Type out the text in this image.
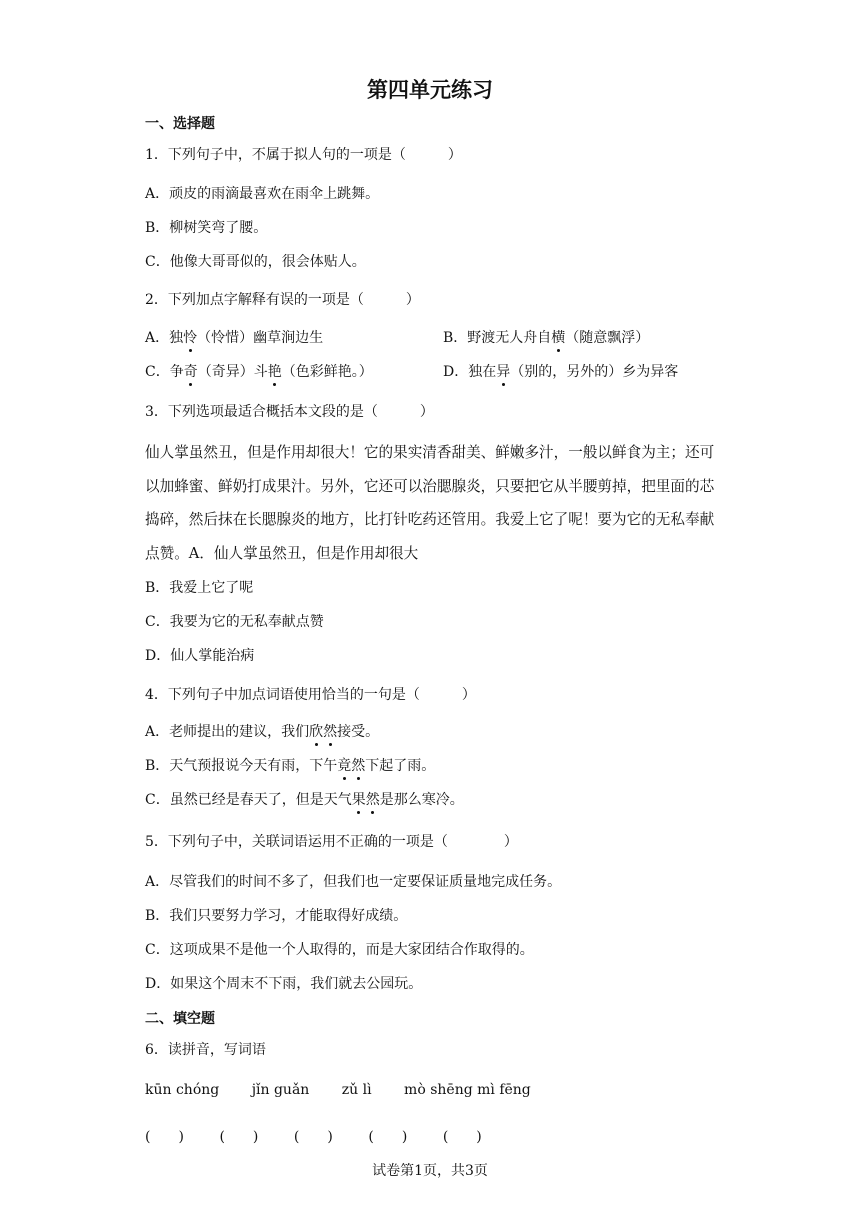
第四单元练习
一、选择题
1．下列句子中，不属于拟人句的一项是（　　　）
A．顽皮的雨滴最喜欢在雨伞上跳舞。
B．柳树笑弯了腰。
C．他像大哥哥似的，很会体贴人。
2．下列加点字解释有误的一项是（　　　）
A．独怜（怜惜）幽草涧边生	B．野渡无人舟自横（随意飘浮）
C．争奇（奇异）斗艳（色彩鲜艳。）	D．独在异（别的，另外的）乡为异客
3．下列选项最适合概括本文段的是（　　　）
仙人掌虽然丑，但是作用却很大！它的果实清香甜美、鲜嫩多汁，一般以鲜食为主；还可以加蜂蜜、鲜奶打成果汁。另外，它还可以治腮腺炎，只要把它从半腰剪掉，把里面的芯捣碎，然后抹在长腮腺炎的地方，比打针吃药还管用。我爱上它了呢！要为它的无私奉献点赞。A．仙人掌虽然丑，但是作用却很大
B．我爱上它了呢
C．我要为它的无私奉献点赞
D．仙人掌能治病
4．下列句子中加点词语使用恰当的一句是（　　　）
A．老师提出的建议，我们欣然接受。
B．天气预报说今天有雨，下午竟然下起了雨。
C．虽然已经是春天了，但是天气果然是那么寒冷。
5．下列句子中，关联词语运用不正确的一项是（　　　　）
A．尽管我们的时间不多了，但我们也一定要保证质量地完成任务。
B．我们只要努力学习，才能取得好成绩。
C．这项成果不是他一个人取得的，而是大家团结合作取得的。
D．如果这个周末不下雨，我们就去公园玩。
二、填空题
6．读拼音，写词语
kūn chóng jǐn guǎn zǔ lì mò shēng mì fēng
(　　)	(　　)	(　　)	(　　)	(　　)
试卷第1页，共3页
